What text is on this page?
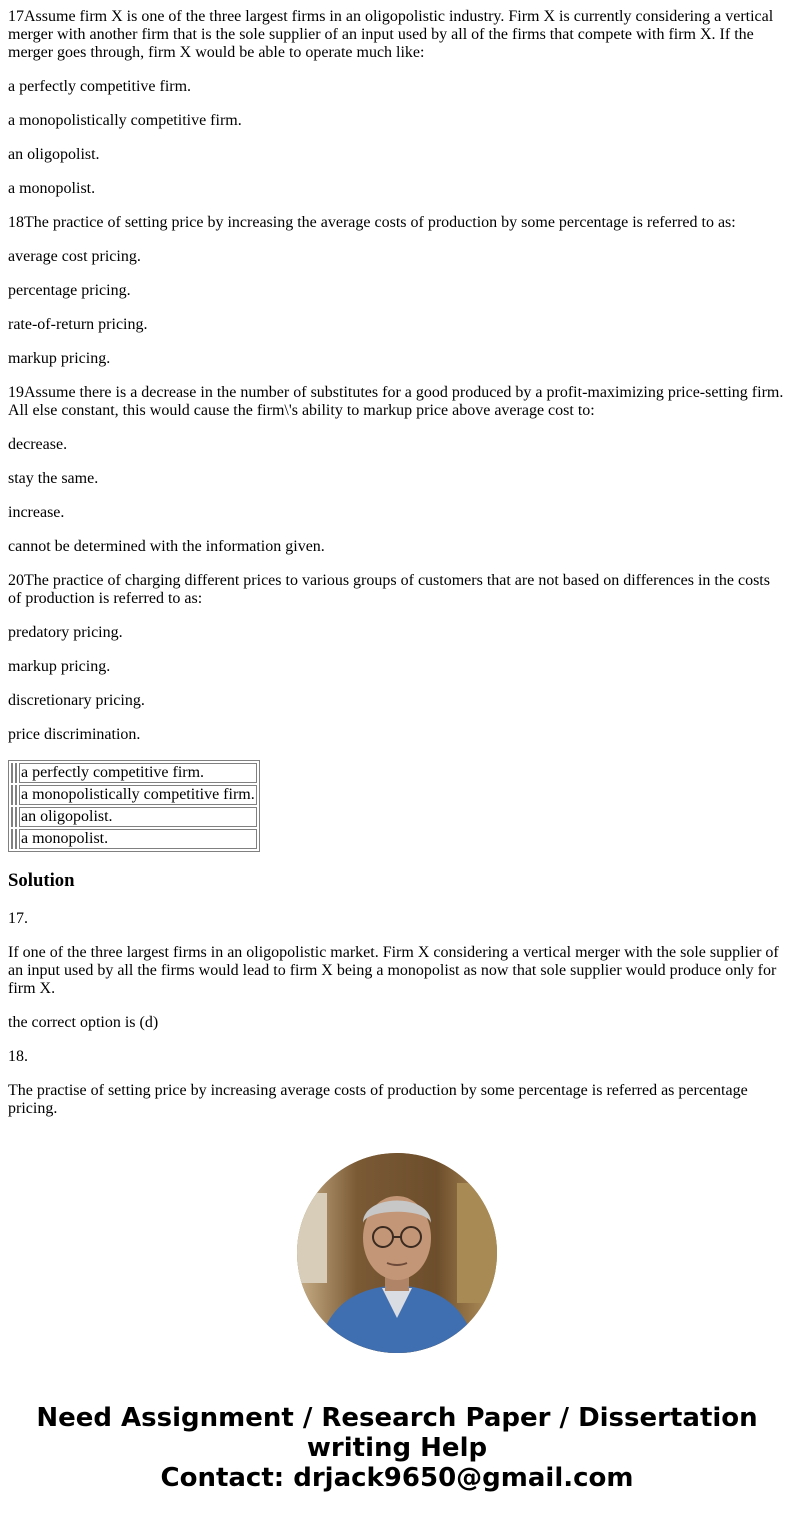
17Assume firm X is one of the three largest firms in an oligopolistic industry. Firm X is currently considering a vertical merger with another firm that is the sole supplier of an input used by all of the firms that compete with firm X. If the merger goes through, firm X would be able to operate much like:

a perfectly competitive firm.

a monopolistically competitive firm.

an oligopolist.

a monopolist.

18The practice of setting price by increasing the average costs of production by some percentage is referred to as:

average cost pricing.

percentage pricing.

rate-of-return pricing.

markup pricing.

19Assume there is a decrease in the number of substitutes for a good produced by a profit-maximizing price-setting firm. All else constant, this would cause the firm\'s ability to markup price above average cost to:

decrease.

stay the same.

increase.

cannot be determined with the information given.

20The practice of charging different prices to various groups of customers that are not based on differences in the costs of production is referred to as:

predatory pricing.

markup pricing.

discretionary pricing.

price discrimination.

		a perfectly competitive firm.
		a monopolistically competitive firm.
		an oligopolist.
		a monopolist.
Solution

17.

If one of the three largest firms in an oligopolistic market. Firm X considering a vertical merger with the sole supplier of an input used by all the firms would lead to firm X being a monopolist as now that sole supplier would produce only for firm X.

the correct option is (d)

18.

The practise of setting price by increasing average costs of production by some percentage is referred as percentage pricing.

Need Assignment / Research Paper / Dissertation writing Help
Contact: drjack9650@gmail.com
